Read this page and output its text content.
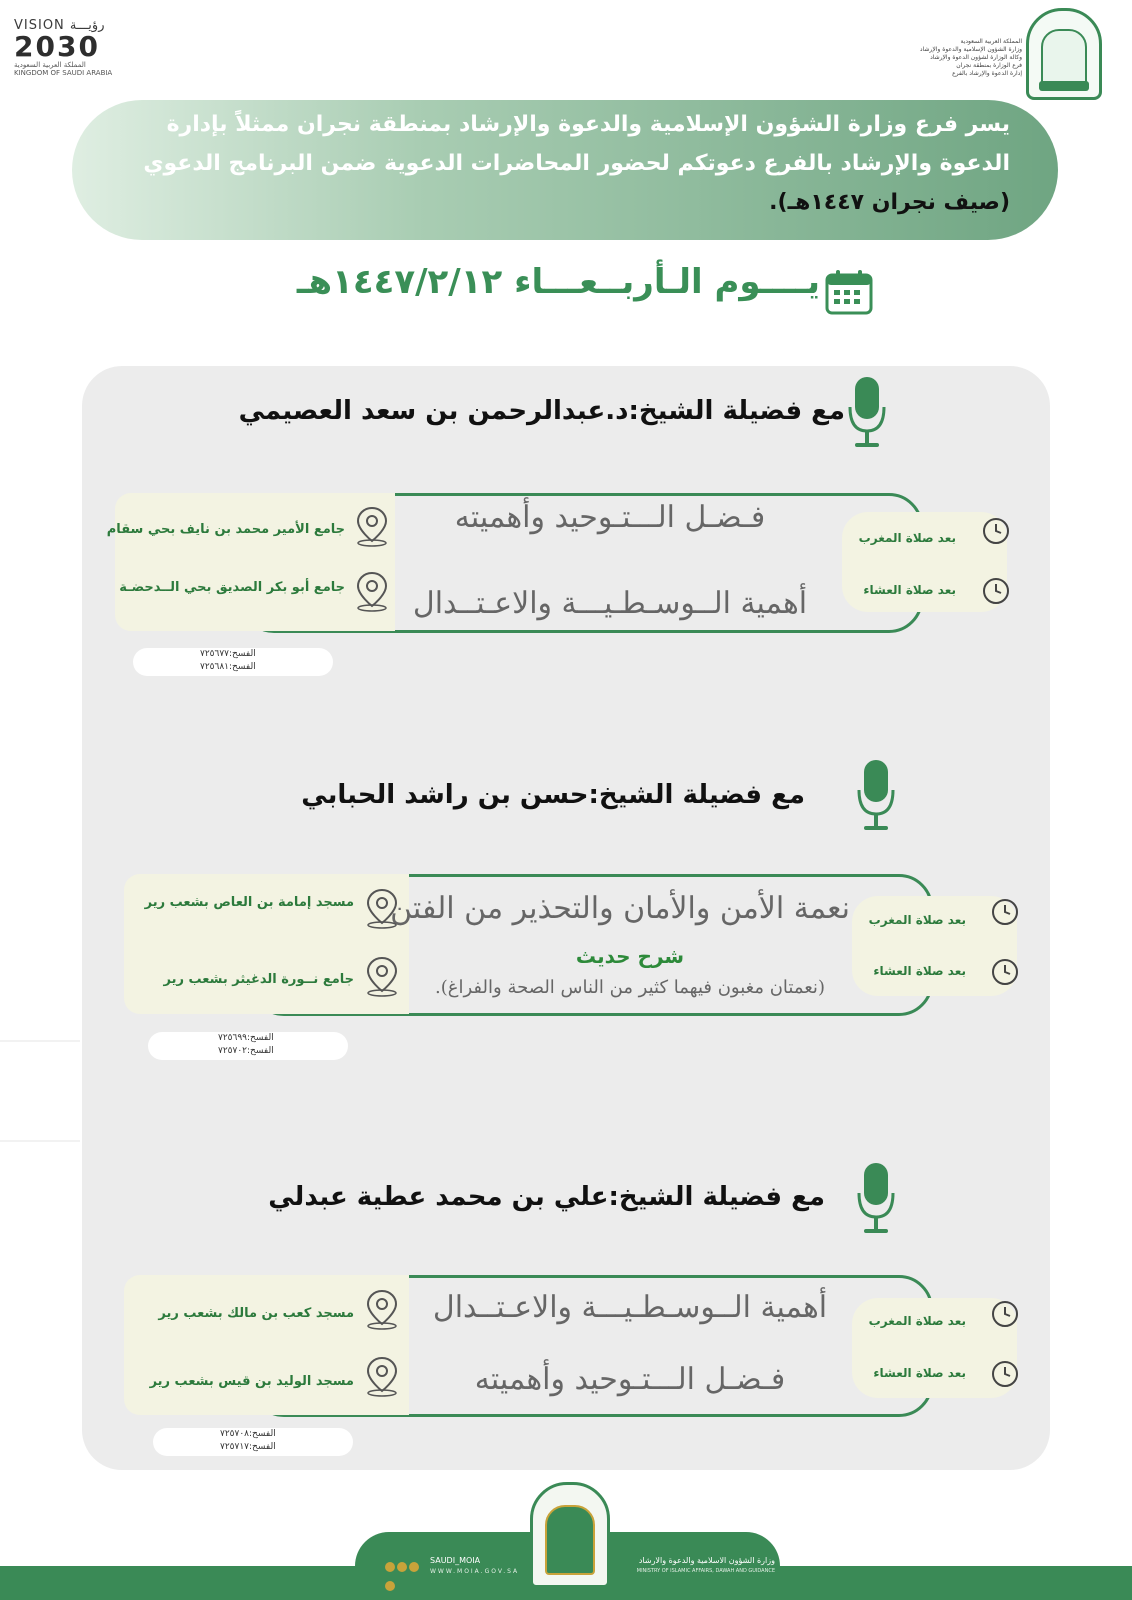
VISION رؤيـــة
2030
المملكة العربية السعودية
KINGDOM OF SAUDI ARABIA
المملكة العربية السعودية
وزارة الشؤون الإسلامية والدعوة والإرشاد
وكالة الوزارة لشؤون الدعوة والإرشاد
فرع الوزارة بمنطقة نجران
إدارة الدعوة والإرشاد بالفرع
يسر فرع وزارة الشؤون الإسلامية والدعوة والإرشاد بمنطقة نجران ممثلاً بإدارة
الدعوة والإرشاد بالفرع دعوتكم لحضور المحاضرات الدعوية ضمن البرنامج الدعوي
(صيف نجران ١٤٤٧هـ).
يــــوم الـأربــعـــاء ١٤٤٧/٢/١٢هـ
مع فضيلة الشيخ:د.عبدالرحمن بن سعد العصيمي
فـضـل الـــتـوحيد وأهميته
أهمية الــوسـطـيـــة والاعـتــدال
جامع الأمير محمد بن نايف بحي سقام
جامع أبو بكر الصديق بحي الــدحضـة
بعد صلاة المغرب
بعد صلاة العشاء
الفسح:٧٢٥٦٧٧
الفسح:٧٢٥٦٨١
مع فضيلة الشيخ:حسن بن راشد الحبابي
نعمة الأمن والأمان والتحذير من الفتن
شرح حديث
(نعمتان مغبون فيهما كثير من الناس الصحة والفراغ).
مسجد إمامة بن العاص بشعب رير
جامع نــورة الدغيثر بشعب رير
بعد صلاة المغرب
بعد صلاة العشاء
الفسح:٧٢٥٦٩٩
الفسح:٧٢٥٧٠٢
مع فضيلة الشيخ:علي بن محمد عطية عبدلي
أهمية الــوسـطـيـــة والاعـتــدال
فـضـل الـــتـوحيد وأهميته
مسجد كعب بن مالك بشعب رير
مسجد الوليد بن قيس بشعب رير
بعد صلاة المغرب
بعد صلاة العشاء
الفسح:٧٢٥٧٠٨
الفسح:٧٢٥٧١٧
وزارة الشؤون الاسلامية والدعوة والارشاد
MINISTRY OF ISLAMIC AFFAIRS, DAWAH AND GUIDANCE
SAUDI_MOIA
WWW.MOIA.GOV.SA
